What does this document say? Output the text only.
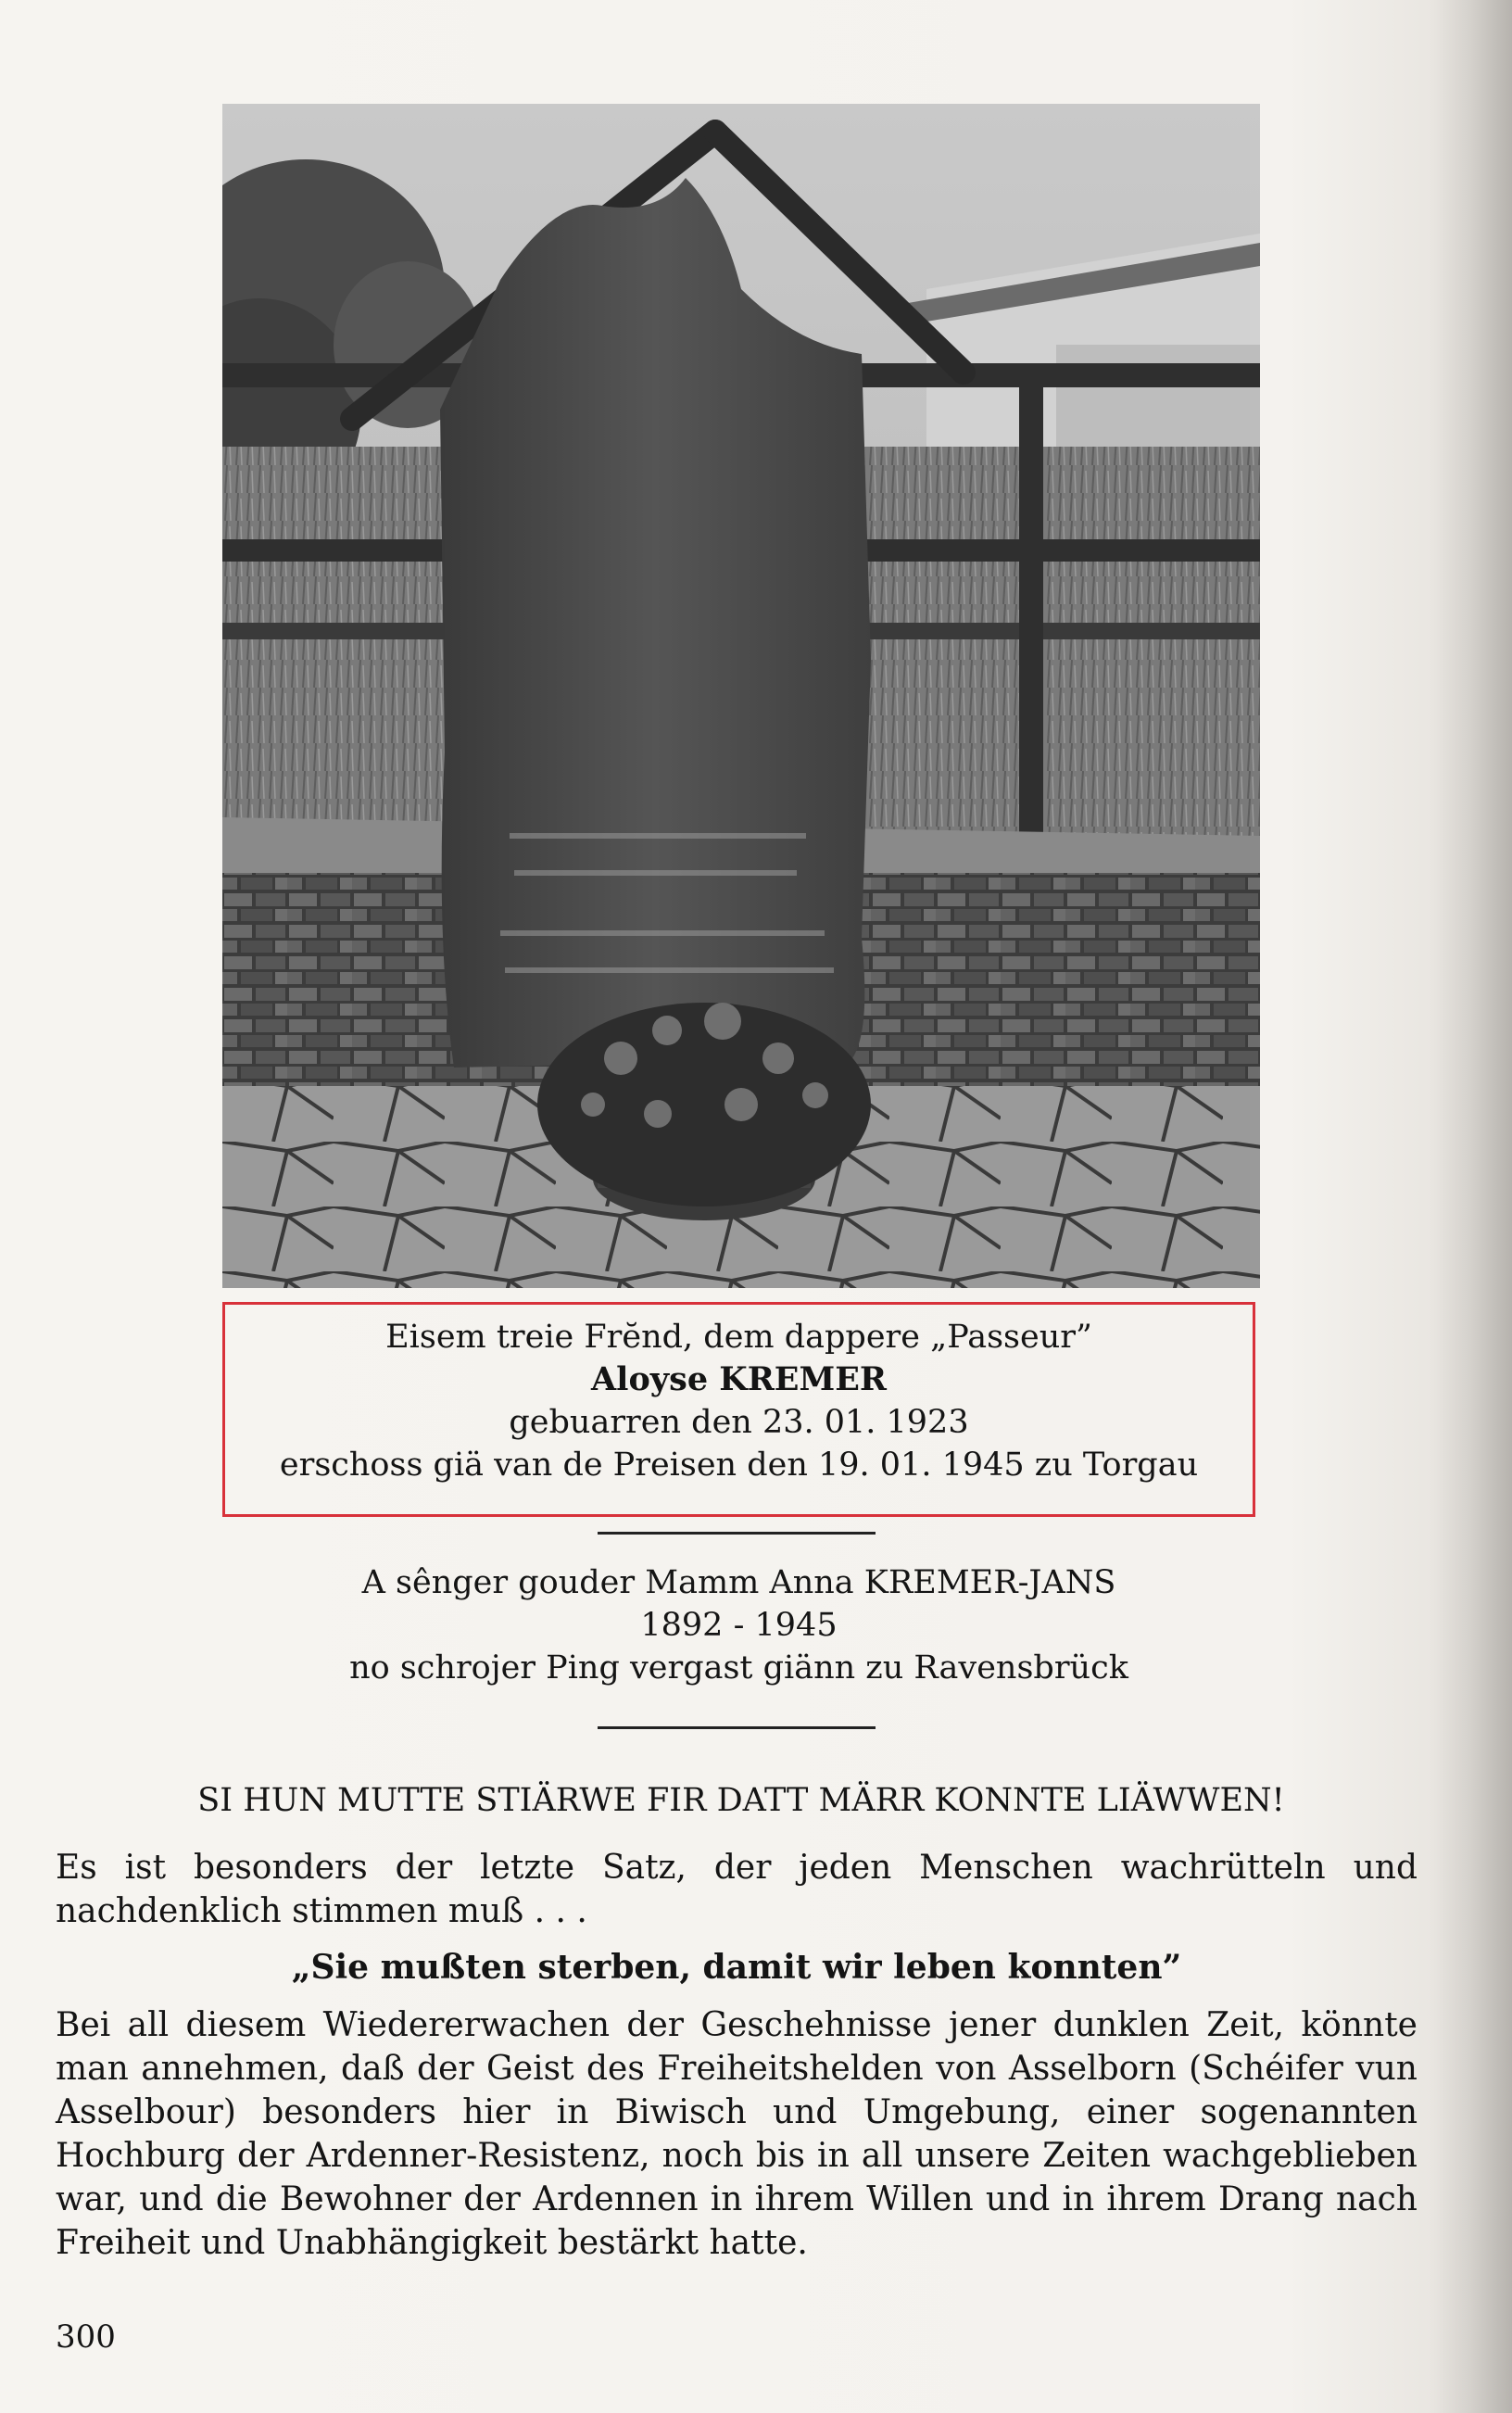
Eisem treie Frĕnd, dem dappere „Passeur”
Aloyse KREMER
gebuarren den 23. 01. 1923
erschoss giä van de Preisen den 19. 01. 1945 zu Torgau
A sênger gouder Mamm Anna KREMER-JANS
1892 - 1945
no schrojer Ping vergast giänn zu Ravensbrück
SI HUN MUTTE STIÄRWE FIR DATT MÄRR KONNTE LIÄWWEN!
Es ist besonders der letzte Satz, der jeden Menschen wachrütteln und nachdenklich stimmen muß . . .
„Sie mußten sterben, damit wir leben konnten”
Bei all diesem Wiedererwachen der Geschehnisse jener dunklen Zeit, könnte man annehmen, daß der Geist des Freiheitshelden von Asselborn (Schéifer vun Asselbour) besonders hier in Biwisch und Umgebung, einer sogenannten Hochburg der Ardenner-Resistenz, noch bis in all unsere Zeiten wachgeblieben war, und die Bewohner der Ardennen in ihrem Willen und in ihrem Drang nach Freiheit und Unabhängigkeit bestärkt hatte.
300
